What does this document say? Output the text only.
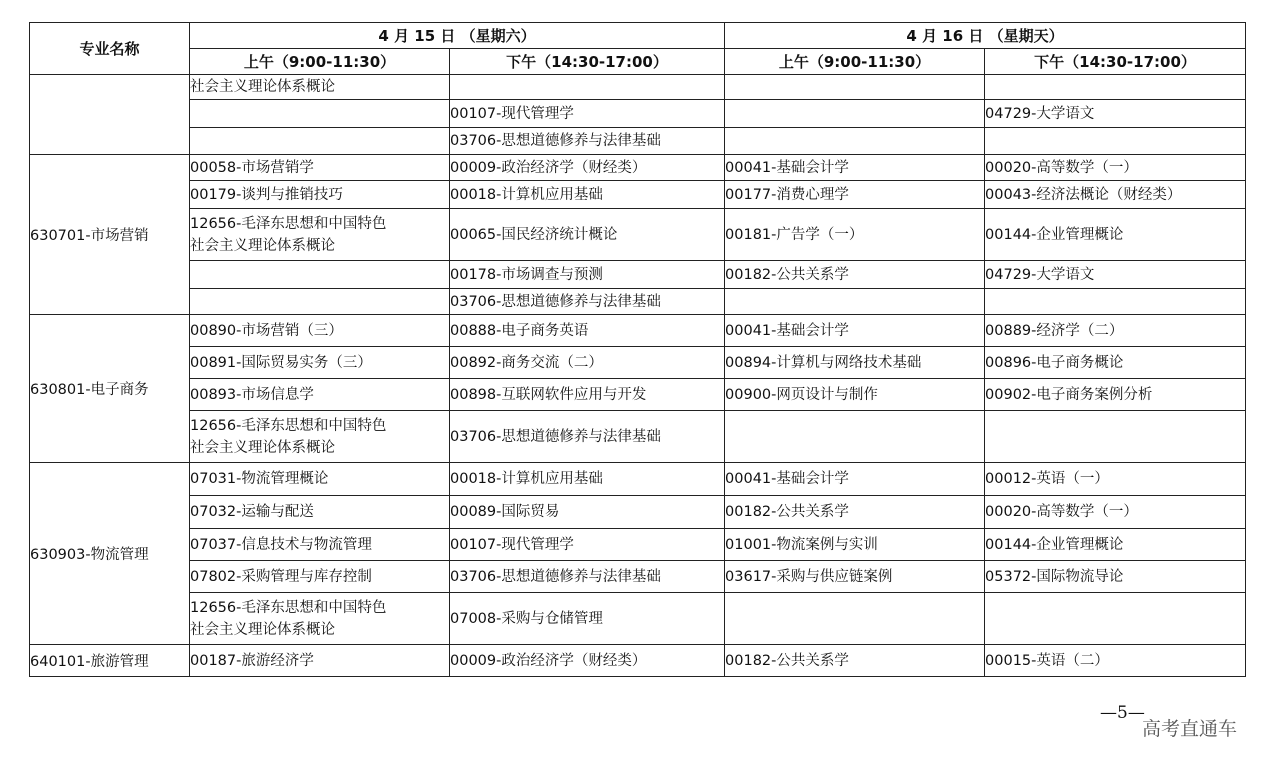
专业名称	4 月 15 日 （星期六）		4 月 16 日 （星期天）	
	上午（9:00-11:30）	下午（14:30-17:00）	上午（9:00-11:30）	下午（14:30-17:00）
	社会主义理论体系概论			
		00107-现代管理学		04729-大学语文
		03706-思想道德修养与法律基础		
630701-市场营销	00058-市场营销学	00009-政治经济学（财经类）	00041-基础会计学	00020-高等数学（一）
	00179-谈判与推销技巧	00018-计算机应用基础	00177-消费心理学	00043-经济法概论（财经类）
	12656-毛泽东思想和中国特色
社会主义理论体系概论	00065-国民经济统计概论	00181-广告学（一）	00144-企业管理概论
		00178-市场调查与预测	00182-公共关系学	04729-大学语文
		03706-思想道德修养与法律基础		
630801-电子商务	00890-市场营销（三）	00888-电子商务英语	00041-基础会计学	00889-经济学（二）
	00891-国际贸易实务（三）	00892-商务交流（二）	00894-计算机与网络技术基础	00896-电子商务概论
	00893-市场信息学	00898-互联网软件应用与开发	00900-网页设计与制作	00902-电子商务案例分析
	12656-毛泽东思想和中国特色
社会主义理论体系概论	03706-思想道德修养与法律基础		
630903-物流管理	07031-物流管理概论	00018-计算机应用基础	00041-基础会计学	00012-英语（一）
	07032-运输与配送	00089-国际贸易	00182-公共关系学	00020-高等数学（一）
	07037-信息技术与物流管理	00107-现代管理学	01001-物流案例与实训	00144-企业管理概论
	07802-采购管理与库存控制	03706-思想道德修养与法律基础	03617-采购与供应链案例	05372-国际物流导论
	12656-毛泽东思想和中国特色
社会主义理论体系概论	07008-采购与仓储管理		
640101-旅游管理	00187-旅游经济学	00009-政治经济学（财经类）	00182-公共关系学	00015-英语（二）
—5—
高考直通车
